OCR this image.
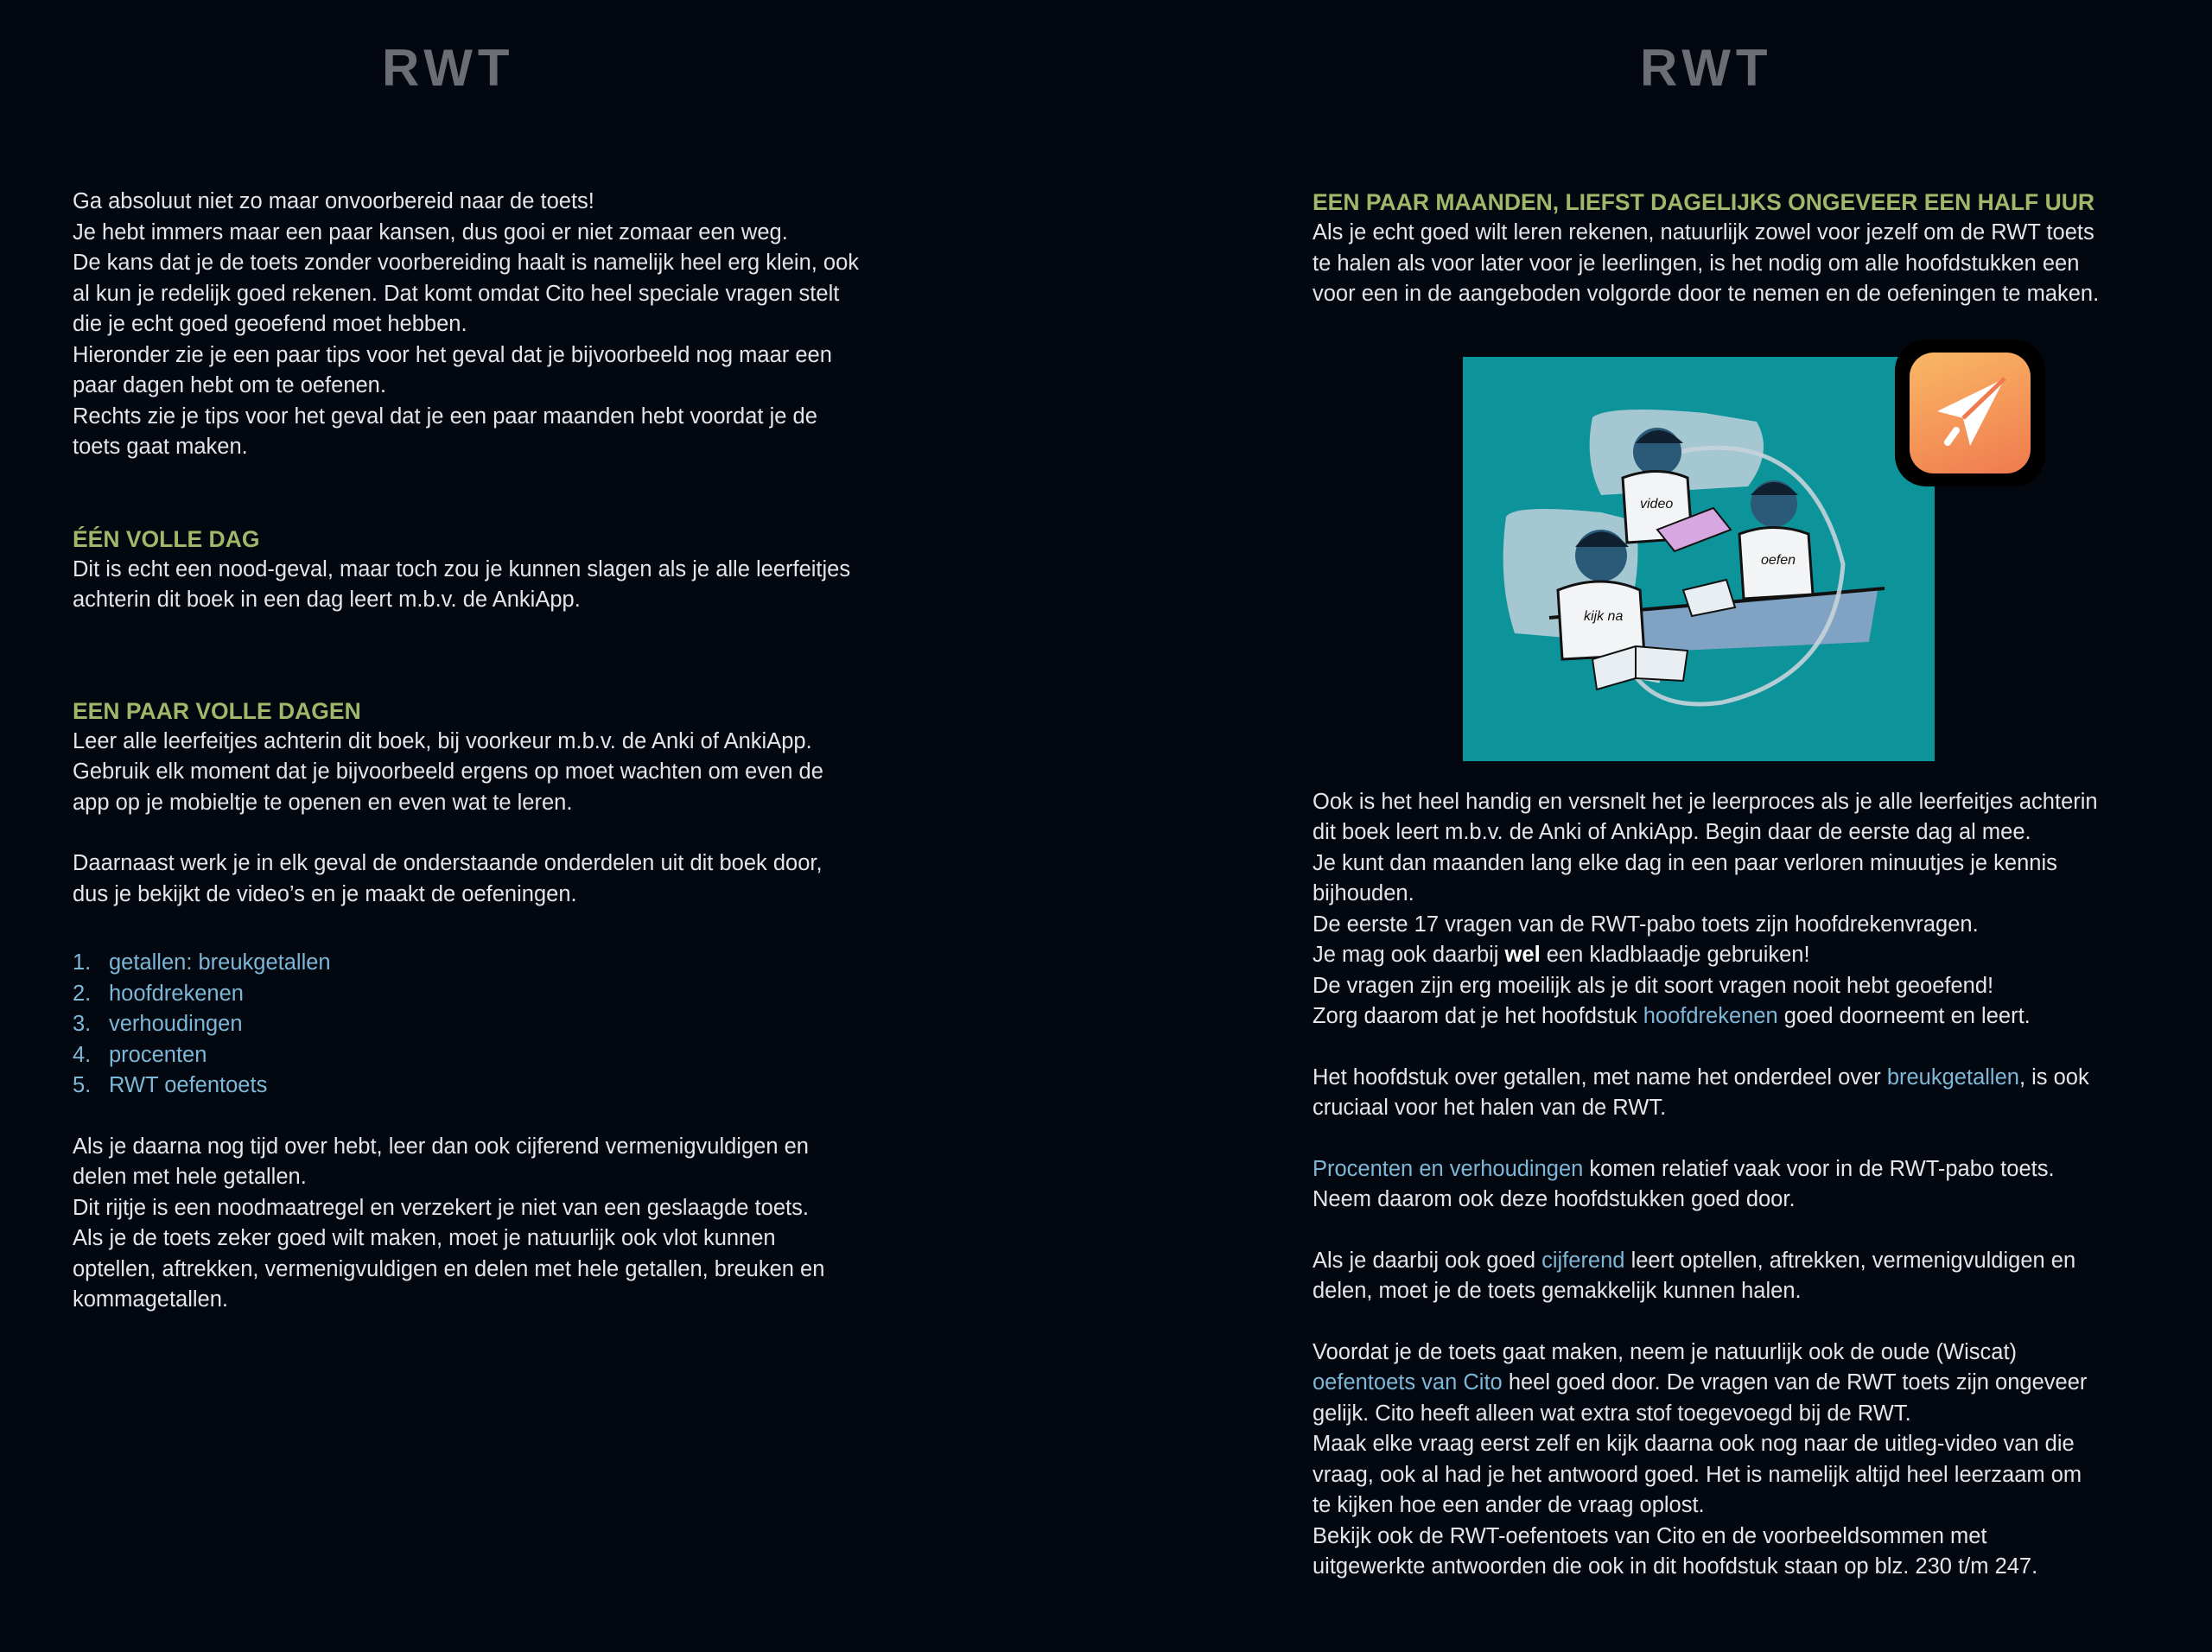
RWT

Ga absoluut niet zo maar onvoorbereid naar de toets!
Je hebt immers maar een paar kansen, dus gooi er niet zomaar een weg.
De kans dat je de toets zonder voorbereiding haalt is namelijk heel erg klein, ook
al kun je redelijk goed rekenen. Dat komt omdat Cito heel speciale vragen stelt
die je echt goed geoefend moet hebben.
Hieronder zie je een paar tips voor het geval dat je bijvoorbeeld nog maar een
paar dagen hebt om te oefenen.
Rechts zie je tips voor het geval dat je een paar maanden hebt voordat je de
toets gaat maken.

ÉÉN VOLLE DAG

Dit is echt een nood-geval, maar toch zou je kunnen slagen als je alle leerfeitjes
achterin dit boek in een dag leert m.b.v. de AnkiApp.

EEN PAAR VOLLE DAGEN

Leer alle leerfeitjes achterin dit boek, bij voorkeur m.b.v. de Anki of AnkiApp.
Gebruik elk moment dat je bijvoorbeeld ergens op moet wachten om even de
app op je mobieltje te openen en even wat te leren.

Daarnaast werk je in elk geval de onderstaande onderdelen uit dit boek door,
dus je bekijkt de video’s en je maakt de oefeningen.

1. getallen: breukgetallen
2. hoofdrekenen
3. verhoudingen
4. procenten
5. RWT oefentoets

Als je daarna nog tijd over hebt, leer dan ook cijferend vermenigvuldigen en
delen met hele getallen.
Dit rijtje is een noodmaatregel en verzekert je niet van een geslaagde toets.
Als je de toets zeker goed wilt maken, moet je natuurlijk ook vlot kunnen
optellen, aftrekken, vermenigvuldigen en delen met hele getallen, breuken en
kommagetallen.

RWT
EEN PAAR MAANDEN, LIEFST DAGELIJKS ONGEVEER EEN HALF UUR

Als je echt goed wilt leren rekenen, natuurlijk zowel voor jezelf om de RWT toets
te halen als voor later voor je leerlingen, is het nodig om alle hoofdstukken een
voor een in de aangeboden volgorde door te nemen en de oefeningen te maken.

video
oefen
kijk na

Ook is het heel handig en versnelt het je leerproces als je alle leerfeitjes achterin
dit boek leert m.b.v. de Anki of AnkiApp. Begin daar de eerste dag al mee.
Je kunt dan maanden lang elke dag in een paar verloren minuutjes je kennis
bijhouden.
De eerste 17 vragen van de RWT-pabo toets zijn hoofdrekenvragen.
Je mag ook daarbij wel een kladblaadje gebruiken!
De vragen zijn erg moeilijk als je dit soort vragen nooit hebt geoefend!
Zorg daarom dat je het hoofdstuk hoofdrekenen goed doorneemt en leert.

Het hoofdstuk over getallen, met name het onderdeel over breukgetallen, is ook
cruciaal voor het halen van de RWT.

Procenten en verhoudingen komen relatief vaak voor in de RWT-pabo toets.
Neem daarom ook deze hoofdstukken goed door.

Als je daarbij ook goed cijferend leert optellen, aftrekken, vermenigvuldigen en
delen, moet je de toets gemakkelijk kunnen halen.

Voordat je de toets gaat maken, neem je natuurlijk ook de oude (Wiscat)
oefentoets van Cito heel goed door. De vragen van de RWT toets zijn ongeveer
gelijk. Cito heeft alleen wat extra stof toegevoegd bij de RWT.
Maak elke vraag eerst zelf en kijk daarna ook nog naar de uitleg-video van die
vraag, ook al had je het antwoord goed. Het is namelijk altijd heel leerzaam om
te kijken hoe een ander de vraag oplost.
Bekijk ook de RWT-oefentoets van Cito en de voorbeeldsommen met
uitgewerkte antwoorden die ook in dit hoofdstuk staan op blz. 230 t/m 247.
